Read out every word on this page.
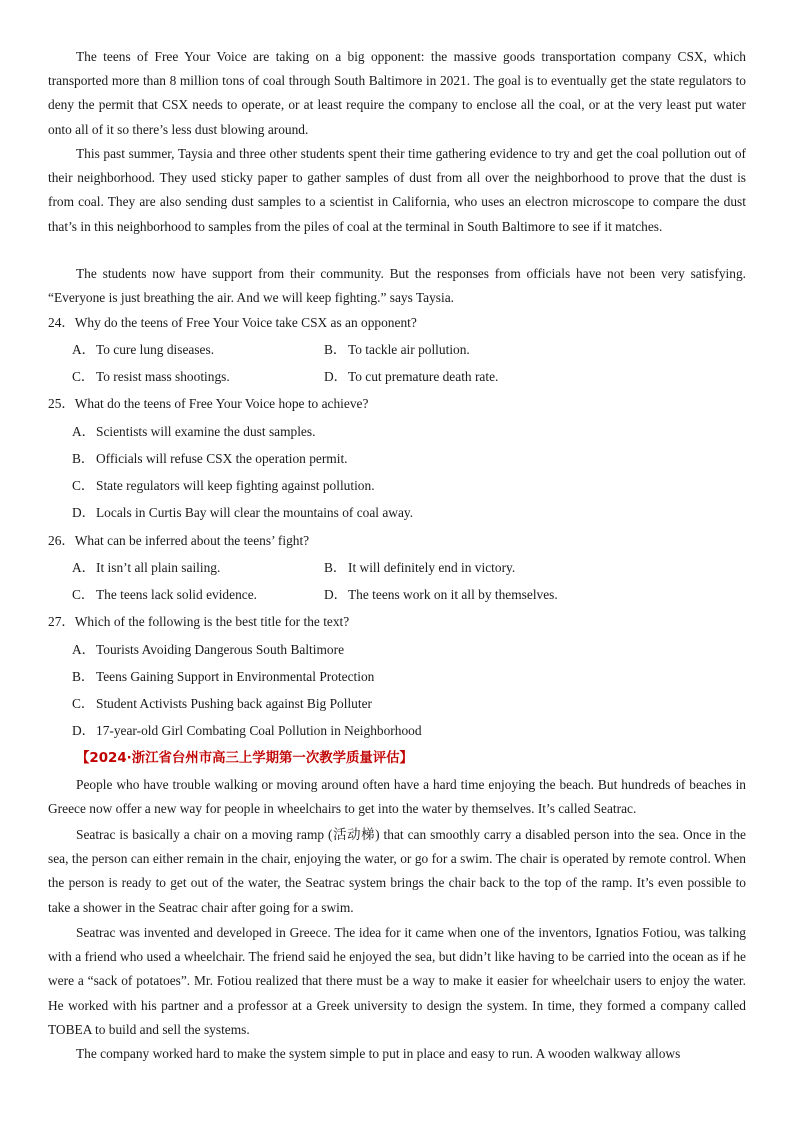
The teens of Free Your Voice are taking on a big opponent: the massive goods transportation company CSX, which transported more than 8 million tons of coal through South Baltimore in 2021. The goal is to eventually get the state regulators to deny the permit that CSX needs to operate, or at least require the company to enclose all the coal, or at the very least put water onto all of it so there’s less dust blowing around.

This past summer, Taysia and three other students spent their time gathering evidence to try and get the coal pollution out of their neighborhood. They used sticky paper to gather samples of dust from all over the neighborhood to prove that the dust is from coal. They are also sending dust samples to a scientist in California, who uses an electron microscope to compare the dust that’s in this neighborhood to samples from the piles of coal at the terminal in South Baltimore to see if it matches.

The students now have support from their community. But the responses from officials have not been very satisfying. “Everyone is just breathing the air. And we will keep fighting.” says Taysia.

24．Why do the teens of Free Your Voice take CSX as an opponent?

A．To cure lung diseases.	B． To tackle air pollution.

C． To resist mass shootings.	D．To cut premature death rate.

25．What do the teens of Free Your Voice hope to achieve?

A．Scientists will examine the dust samples.

B． Officials will refuse CSX the operation permit.

C． State regulators will keep fighting against pollution.

D．Locals in Curtis Bay will clear the mountains of coal away.

26．What can be inferred about the teens’ fight?

A．It isn’t all plain sailing.	B． It will definitely end in victory.

C． The teens lack solid evidence.	D．The teens work on it all by themselves.

27．Which of the following is the best title for the text?

A．Tourists Avoiding Dangerous South Baltimore

B． Teens Gaining Support in Environmental Protection

C． Student Activists Pushing back against Big Polluter

D．17-year-old Girl Combating Coal Pollution in Neighborhood

【2024·浙江省台州市高三上学期第一次教学质量评估】

People who have trouble walking or moving around often have a hard time enjoying the beach. But hundreds of beaches in Greece now offer a new way for people in wheelchairs to get into the water by themselves. It’s called Seatrac.

Seatrac is basically a chair on a moving ramp (活动梯) that can smoothly carry a disabled person into the sea. Once in the sea, the person can either remain in the chair, enjoying the water, or go for a swim. The chair is operated by remote control. When the person is ready to get out of the water, the Seatrac system brings the chair back to the top of the ramp. It’s even possible to take a shower in the Seatrac chair after going for a swim.

Seatrac was invented and developed in Greece. The idea for it came when one of the inventors, Ignatios Fotiou, was talking with a friend who used a wheelchair. The friend said he enjoyed the sea, but didn’t like having to be carried into the ocean as if he were a “sack of potatoes”. Mr. Fotiou realized that there must be a way to make it easier for wheelchair users to enjoy the water. He worked with his partner and a professor at a Greek university to design the system. In time, they formed a company called TOBEA to build and sell the systems.

The company worked hard to make the system simple to put in place and easy to run. A wooden walkway allows
